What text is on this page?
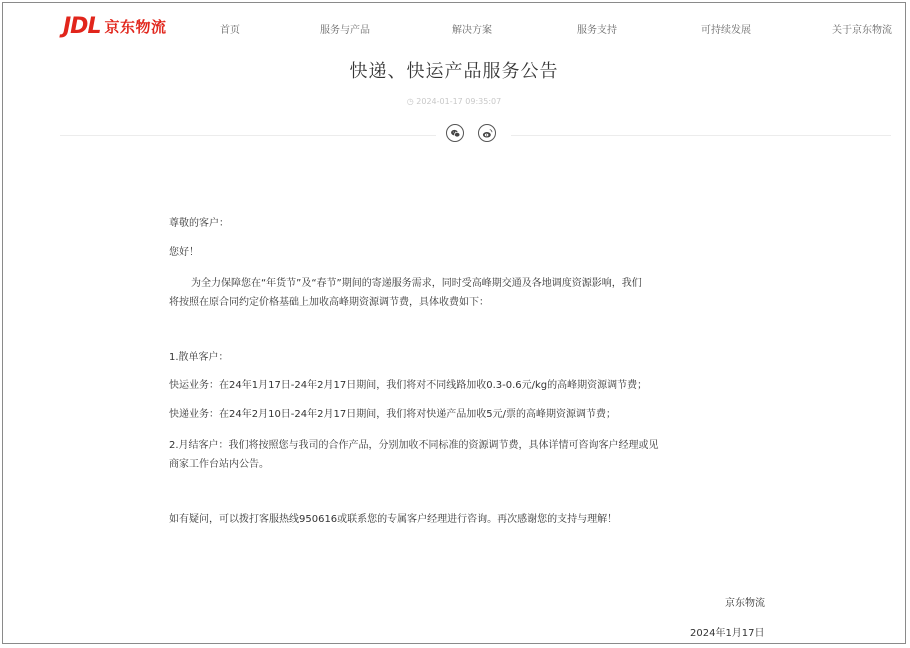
JDL 京东物流	首页	服务与产品	解决方案	服务支持	可持续发展	关于京东物流
快递、快运产品服务公告
◷ 2024-01-17 09:35:07
尊敬的客户：
您好！
为全力保障您在“年货节”及“春节”期间的寄递服务需求，同时受高峰期交通及各地调度资源影响，我们
将按照在原合同约定价格基础上加收高峰期资源调节费，具体收费如下：
1.散单客户：
快运业务：在24年1月17日-24年2月17日期间，我们将对不同线路加收0.3-0.6元/kg的高峰期资源调节费；
快递业务：在24年2月10日-24年2月17日期间，我们将对快递产品加收5元/票的高峰期资源调节费；
2.月结客户：我们将按照您与我司的合作产品，分别加收不同标准的资源调节费，具体详情可咨询客户经理或见
商家工作台站内公告。
如有疑问，可以拨打客服热线950616或联系您的专属客户经理进行咨询。再次感谢您的支持与理解！
京东物流
2024年1月17日
